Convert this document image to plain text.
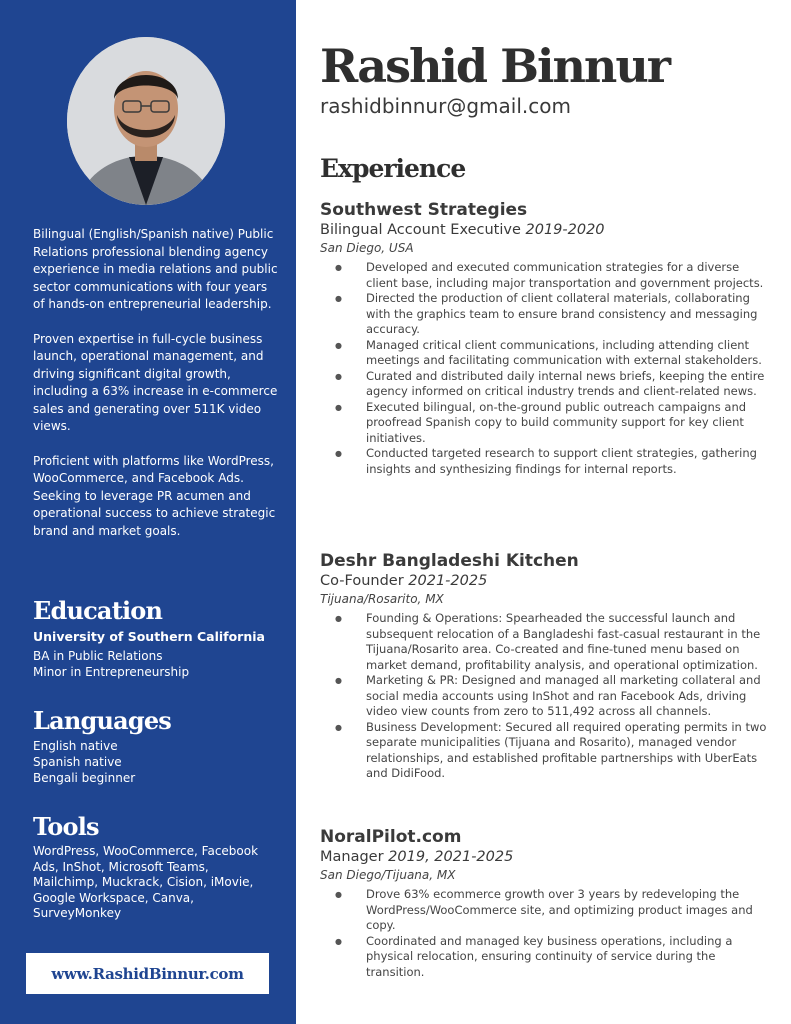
Bilingual (English/Spanish native) Public Relations professional blending agency experience in media relations and public sector communications with four years of hands-on entrepreneurial leadership.

Proven expertise in full-cycle business launch, operational management, and driving significant digital growth, including a 63% increase in e-commerce sales and generating over 511K video views.

Proficient with platforms like WordPress, WooCommerce, and Facebook Ads. Seeking to leverage PR acumen and operational success to achieve strategic brand and market goals.

Education

University of Southern California

BA in Public Relations

Minor in Entrepreneurship

Languages

English native

Spanish native

Bengali beginner

Tools

WordPress, WooCommerce, Facebook Ads, InShot, Microsoft Teams, Mailchimp, Muckrack, Cision, iMovie, Google Workspace, Canva, SurveyMonkey

www.RashidBinnur.com
Rashid Binnur

rashidbinnur@gmail.com

Experience

Southwest Strategies

Bilingual Account Executive 2019-2020

San Diego, USA

● Developed and executed communication strategies for a diverse client base, including major transportation and government projects.
● Directed the production of client collateral materials, collaborating with the graphics team to ensure brand consistency and messaging accuracy.
● Managed critical client communications, including attending client meetings and facilitating communication with external stakeholders.
● Curated and distributed daily internal news briefs, keeping the entire agency informed on critical industry trends and client-related news.
● Executed bilingual, on-the-ground public outreach campaigns and proofread Spanish copy to build community support for key client initiatives.
● Conducted targeted research to support client strategies, gathering insights and synthesizing findings for internal reports.

Deshr Bangladeshi Kitchen

Co-Founder 2021-2025

Tijuana/Rosarito, MX

● Founding & Operations: Spearheaded the successful launch and subsequent relocation of a Bangladeshi fast-casual restaurant in the Tijuana/Rosarito area. Co-created and fine-tuned menu based on market demand, profitability analysis, and operational optimization.
● Marketing & PR: Designed and managed all marketing collateral and social media accounts using InShot and ran Facebook Ads, driving video view counts from zero to 511,492 across all channels.
● Business Development: Secured all required operating permits in two separate municipalities (Tijuana and Rosarito), managed vendor relationships, and established profitable partnerships with UberEats and DidiFood.

NoralPilot.com

Manager 2019, 2021-2025

San Diego/Tijuana, MX

● Drove 63% ecommerce growth over 3 years by redeveloping the WordPress/WooCommerce site, and optimizing product images and copy.
● Coordinated and managed key business operations, including a physical relocation, ensuring continuity of service during the transition.
